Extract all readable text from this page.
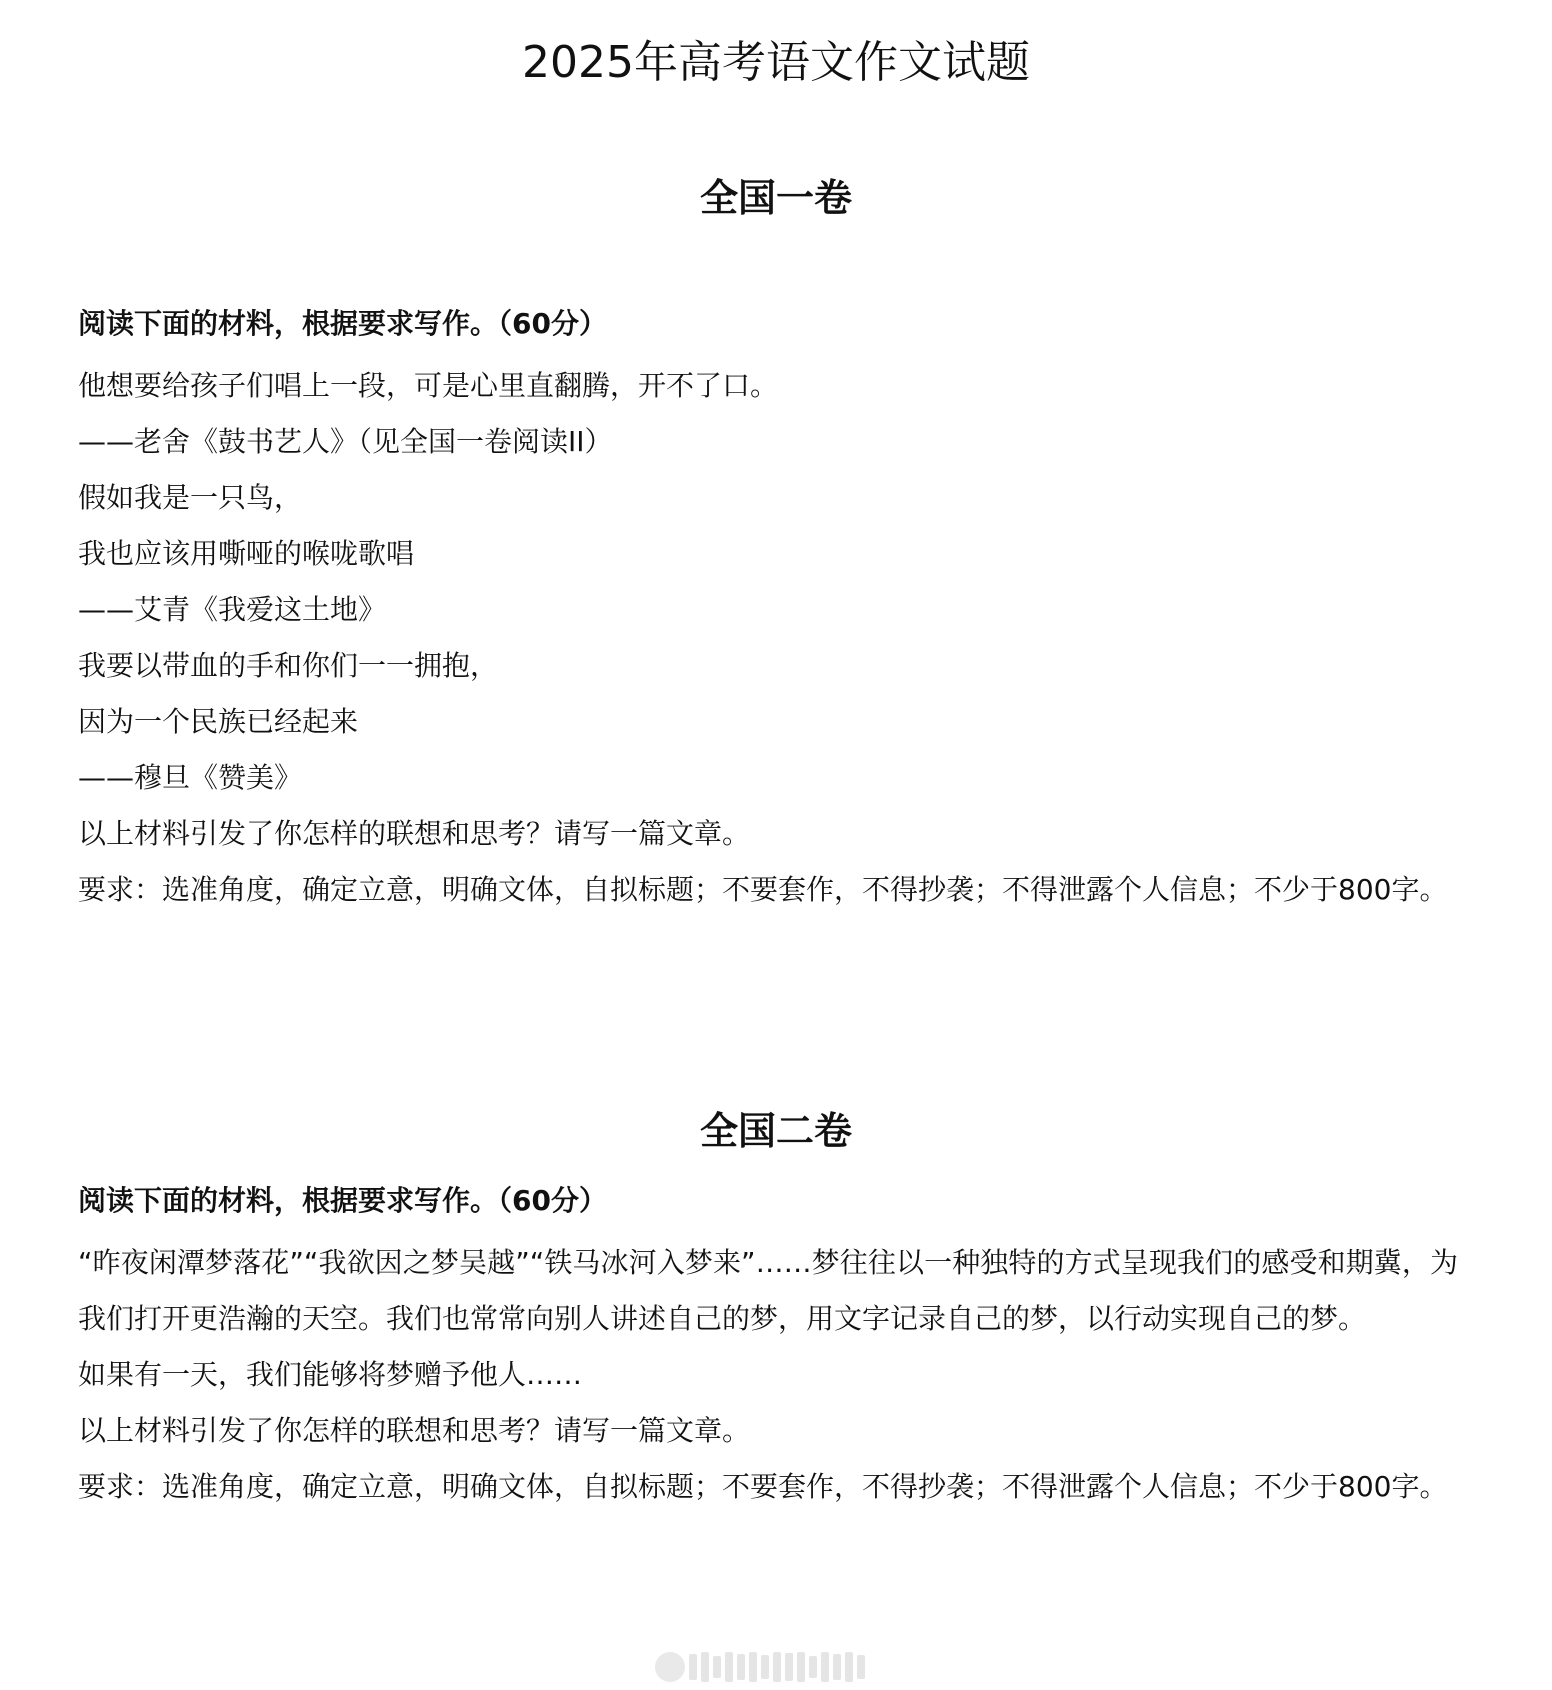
2025年高考语文作文试题
全国一卷

阅读下面的材料，根据要求写作。（60分）

他想要给孩子们唱上一段，可是心里直翻腾，开不了口。

——老舍《鼓书艺人》（见全国一卷阅读II）

假如我是一只鸟，

我也应该用嘶哑的喉咙歌唱

——艾青《我爱这土地》

我要以带血的手和你们一一拥抱，

因为一个民族已经起来

——穆旦《赞美》

以上材料引发了你怎样的联想和思考？请写一篇文章。

要求：选准角度，确定立意，明确文体，自拟标题；不要套作，不得抄袭；不得泄露个人信息；不少于800字。

全国二卷

阅读下面的材料，根据要求写作。（60分）

“昨夜闲潭梦落花”“我欲因之梦吴越”“铁马冰河入梦来”……梦往往以一种独特的方式呈现我们的感受和期冀，为我们打开更浩瀚的天空。我们也常常向别人讲述自己的梦，用文字记录自己的梦，以行动实现自己的梦。

如果有一天，我们能够将梦赠予他人……

以上材料引发了你怎样的联想和思考？请写一篇文章。

要求：选准角度，确定立意，明确文体，自拟标题；不要套作，不得抄袭；不得泄露个人信息；不少于800字。
